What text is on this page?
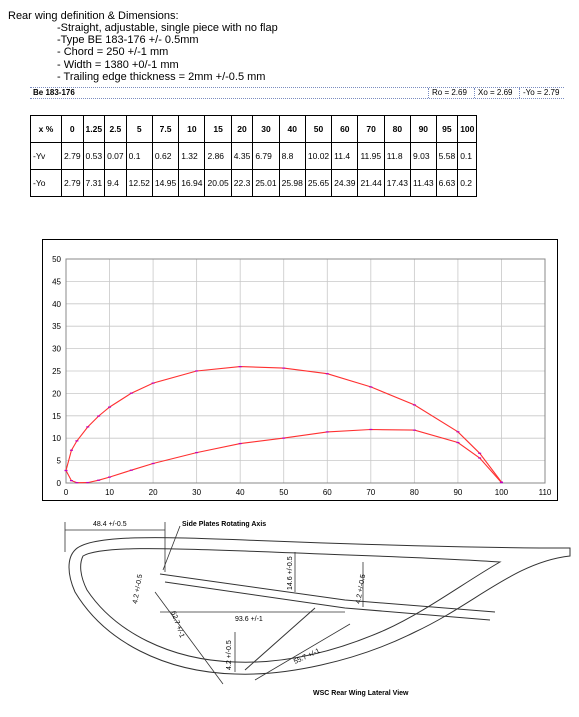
Rear wing definition & Dimensions:
-Straight, adjustable, single piece with no flap
-Type BE 183-176 +/- 0.5mm
- Chord = 250 +/-1 mm
- Width = 1380 +0/-1 mm
- Trailing edge thickness = 2mm +/-0.5 mm
Be 183-176	Ro = 2.69	Xo = 2.69	-Yo = 2.79
x %	0	1.25	2.5	5	7.5	10	15	20	30	40	50	60	70	80	90	95	100
-Yv	2.79	0.53	0.07	0.1	0.62	1.32	2.86	4.35	6.79	8.8	10.02	11.4	11.95	11.8	9.03	5.58	0.1
-Yo	2.79	7.31	9.4	12.52	14.95	16.94	20.05	22.3	25.01	25.98	25.65	24.39	21.44	17.43	11.43	6.63	0.2
0
5
10
15
20
25
30
35
40
45
50
0	10	20	30	40	50	60	70	80	90	100	110
48.4 +/-0.5	Side Plates Rotating Axis
93.6 +/-1
4.2 +/-0.5	14.6 +/-0.5	4.2 +/-0.5
62.7 +/-1
4.2 +/-0.5	55.7 +/-1
WSC Rear Wing Lateral View
